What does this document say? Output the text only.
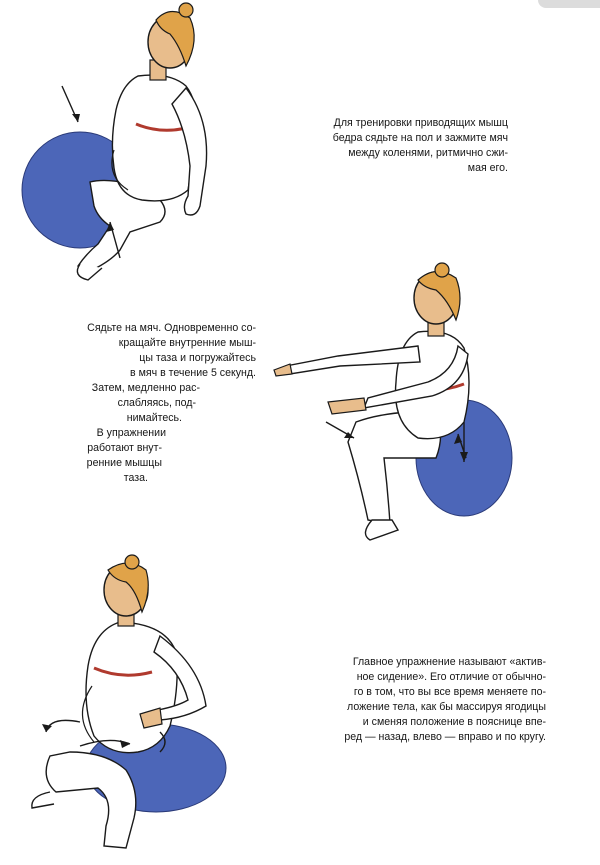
Для тренировки приводящих мышц
бедра сядьте на пол и зажмите мяч
между коленями, ритмично сжи-
мая его.
Сядьте на мяч. Одновременно со-
кращайте внутренние мыш-
цы таза и погружайтесь
в мяч в течение 5 секунд.
Затем, медленно рас-
слабляясь, под-
нимайтесь.
В упражнении
работают внут-
ренние мышцы
таза.
Главное упражнение называют «актив-
ное сидение». Его отличие от обычно-
го в том, что вы все время меняете по-
ложение тела, как бы массируя ягодицы
и сменяя положение в пояснице впе-
ред — назад, влево — вправо и по кругу.
